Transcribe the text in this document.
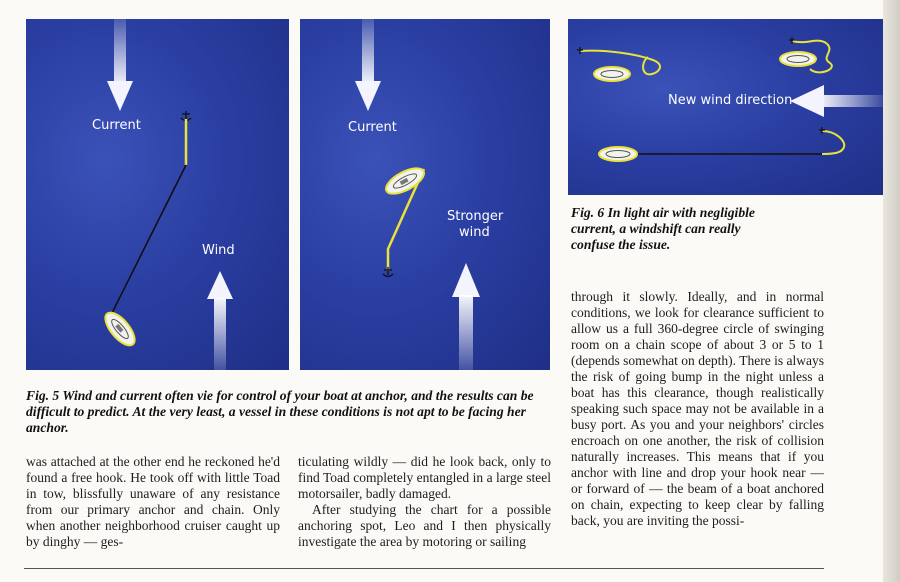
Current
Wind
Current
Stronger
wind
New wind direction
Fig. 6 In light air with negligible current, a windshift can really confuse the issue.
Fig. 5 Wind and current often vie for control of your boat at anchor, and the results can be difficult to predict. At the very least, a vessel in these conditions is not apt to be facing her anchor.

was attached at the other end he reckoned he'd found a free hook. He took off with little Toad in tow, blissfully unaware of any resistance from our primary anchor and chain. Only when another neighborhood cruiser caught up by dinghy — ges-

ticulating wildly — did he look back, only to find Toad completely entangled in a large steel motorsailer, badly damaged.

After studying the chart for a possible anchoring spot, Leo and I then physically investigate the area by motoring or sailing

through it slowly. Ideally, and in normal conditions, we look for clearance sufficient to allow us a full 360-degree circle of swinging room on a chain scope of about 3 or 5 to 1 (depends somewhat on depth). There is always the risk of going bump in the night unless a boat has this clearance, though realistically speaking such space may not be available in a busy port. As you and your neighbors' circles encroach on one another, the risk of collision naturally increases. This means that if you anchor with line and drop your hook near — or forward of — the beam of a boat anchored on chain, expecting to keep clear by falling back, you are inviting the possi-
